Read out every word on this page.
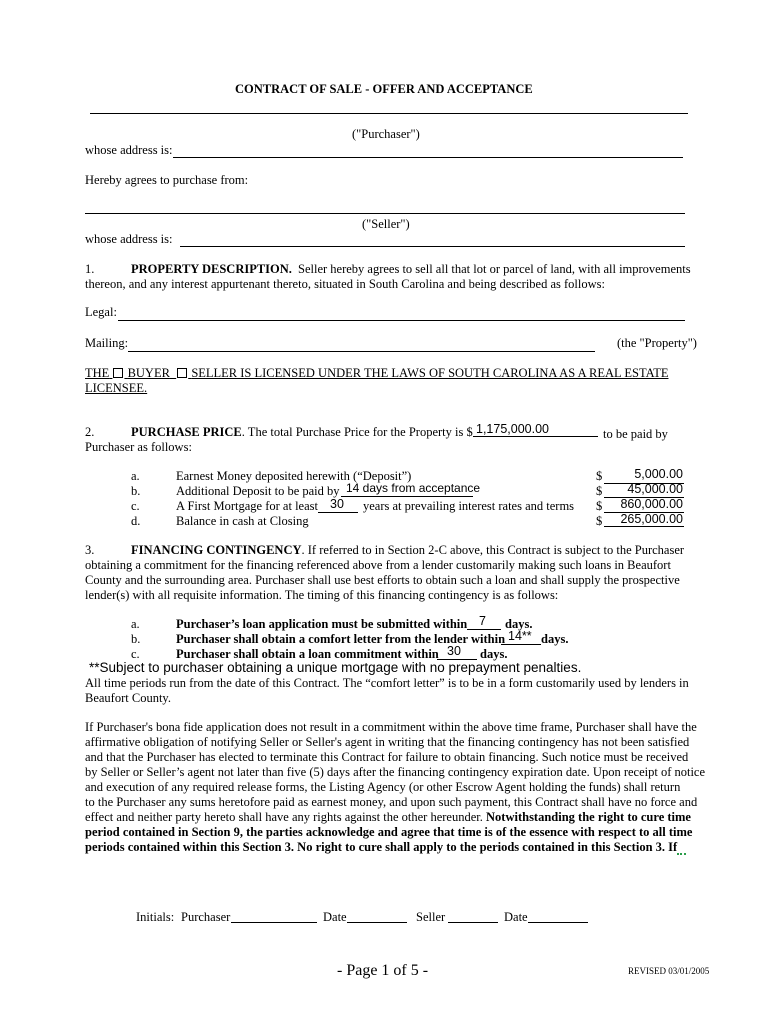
CONTRACT OF SALE - OFFER AND ACCEPTANCE
("Purchaser")
whose address is:
Hereby agrees to purchase from:
("Seller")
whose address is:
1.	PROPERTY DESCRIPTION. Seller hereby agrees to sell all that lot or parcel of land, with all improvements
thereon, and any interest appurtenant thereto, situated in South Carolina and being described as follows:
Legal:
Mailing:	(the "Property")
THE BUYER SELLER IS LICENSED UNDER THE LAWS OF SOUTH CAROLINA AS A REAL ESTATE
LICENSEE.
2.	PURCHASE PRICE. The total Purchase Price for the Property is $ 1,175,000.00	to be paid by
Purchaser as follows:
a.	Earnest Money deposited herewith (“Deposit”)	$	5,000.00
b.	Additional Deposit to be paid by 14 days from acceptance	$ 45,000.00
c.	A First Mortgage for at least 30 years at prevailing interest rates and terms $ 860,000.00
d.	Balance in cash at Closing	$ 265,000.00
3.	FINANCING CONTINGENCY. If referred to in Section 2-C above, this Contract is subject to the Purchaser
obtaining a commitment for the financing referenced above from a lender customarily making such loans in Beaufort
County and the surrounding area. Purchaser shall use best efforts to obtain such a loan and shall supply the prospective
lender(s) with all requisite information. The timing of this financing contingency is as follows:
a.	Purchaser’s loan application must be submitted within 7 days.
b.	Purchaser shall obtain a comfort letter from the lender within 14** days.
c.	Purchaser shall obtain a loan commitment within 30 days.
**Subject to purchaser obtaining a unique mortgage with no prepayment penalties.
All time periods run from the date of this Contract. The “comfort letter” is to be in a form customarily used by lenders in
Beaufort County.
If Purchaser's bona fide application does not result in a commitment within the above time frame, Purchaser shall have the
affirmative obligation of notifying Seller or Seller's agent in writing that the financing contingency has not been satisfied
and that the Purchaser has elected to terminate this Contract for failure to obtain financing. Such notice must be received
by Seller or Seller’s agent not later than five (5) days after the financing contingency expiration date. Upon receipt of notice
and execution of any required release forms, the Listing Agency (or other Escrow Agent holding the funds) shall return
to the Purchaser any sums heretofore paid as earnest money, and upon such payment, this Contract shall have no force and
effect and neither party hereto shall have any rights against the other hereunder. Notwithstanding the right to cure time
period contained in Section 9, the parties acknowledge and agree that time is of the essence with respect to all time
periods contained within this Section 3. No right to cure shall apply to the periods contained in this Section 3. If
Initials: Purchaser	Date	Seller	Date
- Page 1 of 5 -	REVISED 03/01/2005
